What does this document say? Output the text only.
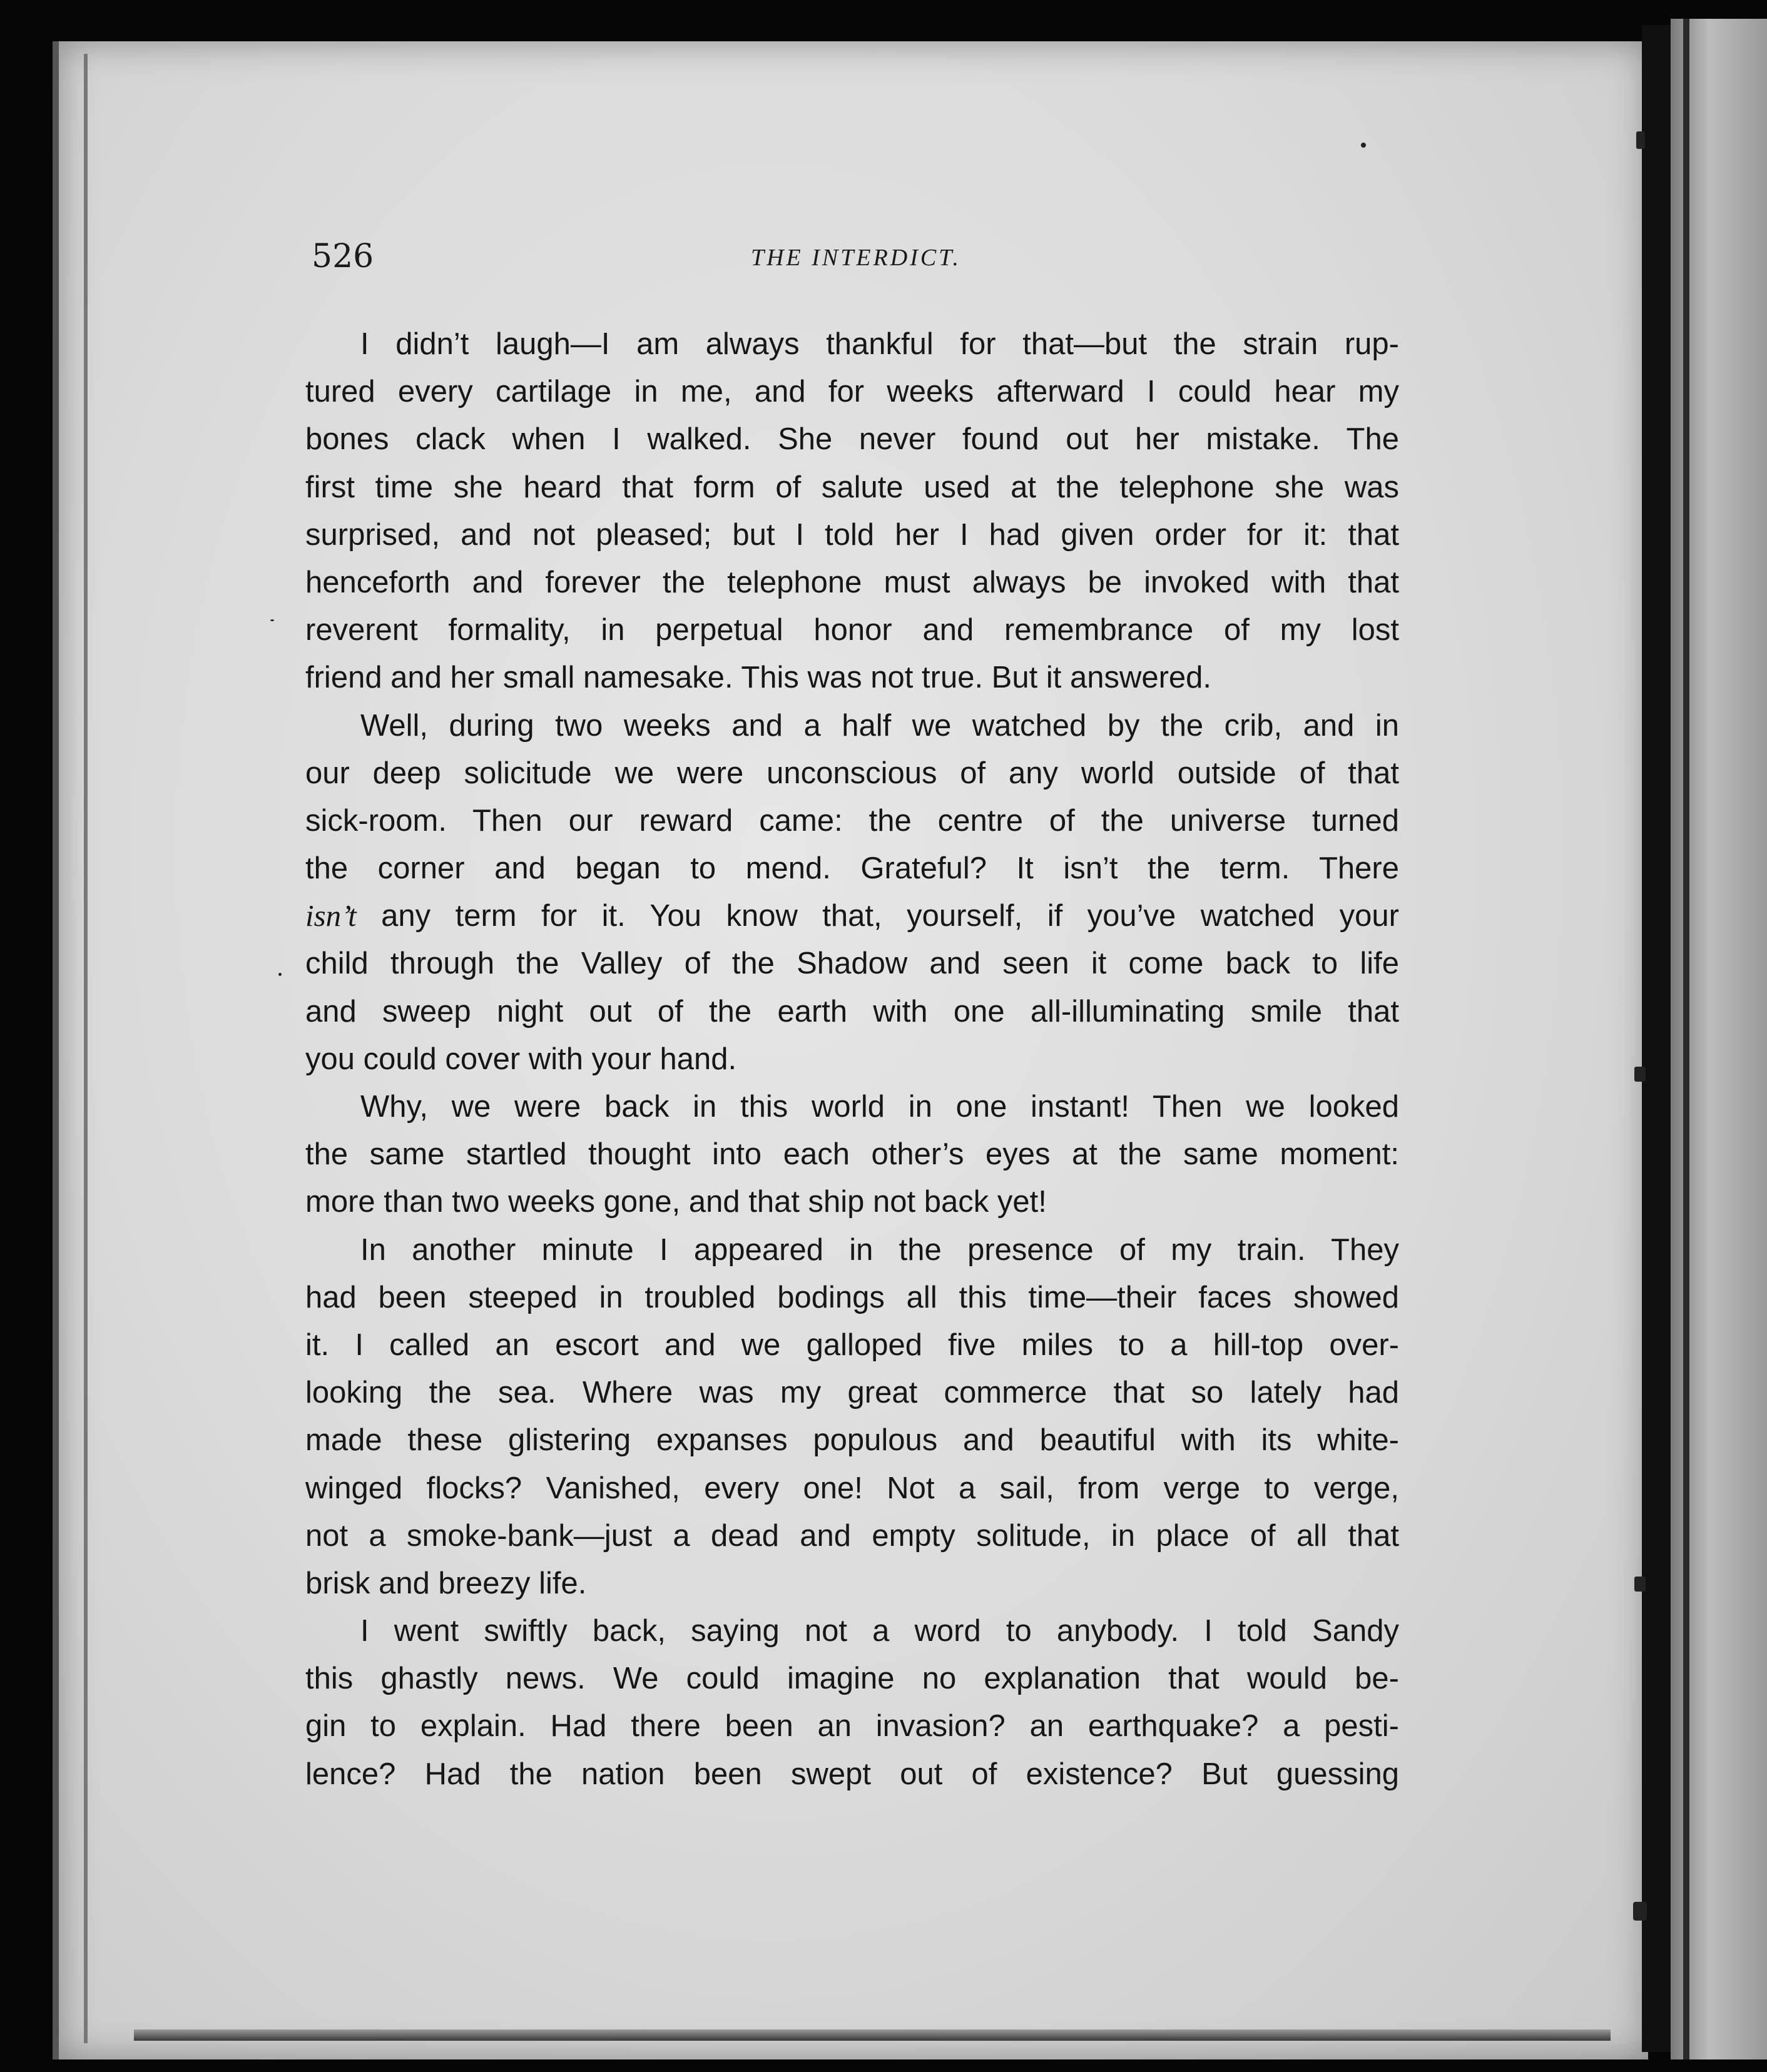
526	THE INTERDICT.
I didn’t laugh—I am always thankful for that—but the strain rup-
tured every cartilage in me, and for weeks afterward I could hear my
bones clack when I walked. She never found out her mistake. The
first time she heard that form of salute used at the telephone she was
surprised, and not pleased; but I told her I had given order for it: that
henceforth and forever the telephone must always be invoked with that
reverent formality, in perpetual honor and remembrance of my lost
friend and her small namesake. This was not true. But it answered.
Well, during two weeks and a half we watched by the crib, and in
our deep solicitude we were unconscious of any world outside of that
sick-room. Then our reward came: the centre of the universe turned
the corner and began to mend. Grateful? It isn’t the term. There
isn’t any term for it. You know that, yourself, if you’ve watched your
child through the Valley of the Shadow and seen it come back to life
and sweep night out of the earth with one all-illuminating smile that
you could cover with your hand.
Why, we were back in this world in one instant! Then we looked
the same startled thought into each other’s eyes at the same moment:
more than two weeks gone, and that ship not back yet!
In another minute I appeared in the presence of my train. They
had been steeped in troubled bodings all this time—their faces showed
it. I called an escort and we galloped five miles to a hill-top over-
looking the sea. Where was my great commerce that so lately had
made these glistering expanses populous and beautiful with its white-
winged flocks? Vanished, every one! Not a sail, from verge to verge,
not a smoke-bank—just a dead and empty solitude, in place of all that
brisk and breezy life.
I went swiftly back, saying not a word to anybody. I told Sandy
this ghastly news. We could imagine no explanation that would be-
gin to explain. Had there been an invasion? an earthquake? a pesti-
lence? Had the nation been swept out of existence? But guessing
